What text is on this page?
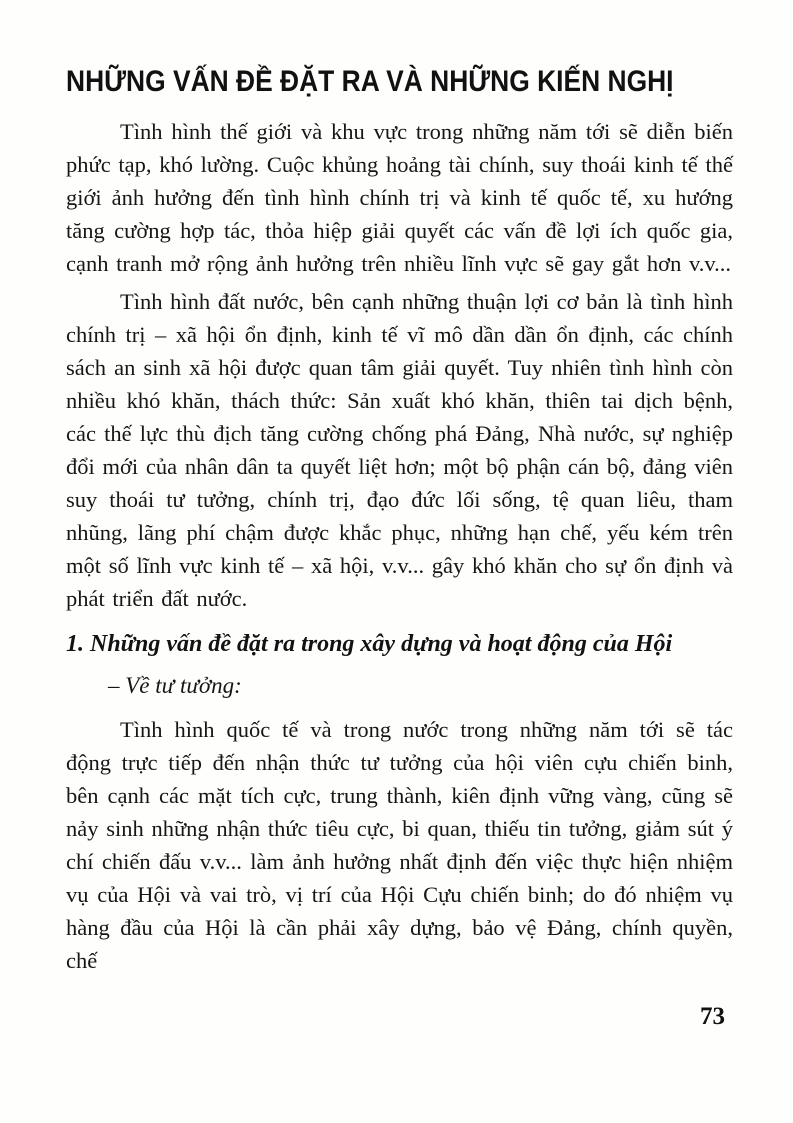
NHỮNG VẤN ĐỀ ĐẶT RA VÀ NHỮNG KIẾN NGHỊ

Tình hình thế giới và khu vực trong những năm tới sẽ diễn biến phức tạp, khó lường. Cuộc khủng hoảng tài chính, suy thoái kinh tế thế giới ảnh hưởng đến tình hình chính trị và kinh tế quốc tế, xu hướng tăng cường hợp tác, thỏa hiệp giải quyết các vấn đề lợi ích quốc gia, cạnh tranh mở rộng ảnh hưởng trên nhiều lĩnh vực sẽ gay gắt hơn v.v...

Tình hình đất nước, bên cạnh những thuận lợi cơ bản là tình hình chính trị – xã hội ổn định, kinh tế vĩ mô dần dần ổn định, các chính sách an sinh xã hội được quan tâm giải quyết. Tuy nhiên tình hình còn nhiều khó khăn, thách thức: Sản xuất khó khăn, thiên tai dịch bệnh, các thế lực thù địch tăng cường chống phá Đảng, Nhà nước, sự nghiệp đổi mới của nhân dân ta quyết liệt hơn; một bộ phận cán bộ, đảng viên suy thoái tư tưởng, chính trị, đạo đức lối sống, tệ quan liêu, tham nhũng, lãng phí chậm được khắc phục, những hạn chế, yếu kém trên một số lĩnh vực kinh tế – xã hội, v.v... gây khó khăn cho sự ổn định và phát triển đất nước.

1. Những vấn đề đặt ra trong xây dựng và hoạt động của Hội

– Về tư tưởng:

Tình hình quốc tế và trong nước trong những năm tới sẽ tác động trực tiếp đến nhận thức tư tưởng của hội viên cựu chiến binh, bên cạnh các mặt tích cực, trung thành, kiên định vững vàng, cũng sẽ nảy sinh những nhận thức tiêu cực, bi quan, thiếu tin tưởng, giảm sút ý chí chiến đấu v.v... làm ảnh hưởng nhất định đến việc thực hiện nhiệm vụ của Hội và vai trò, vị trí của Hội Cựu chiến binh; do đó nhiệm vụ hàng đầu của Hội là cần phải xây dựng, bảo vệ Đảng, chính quyền, chế

73
